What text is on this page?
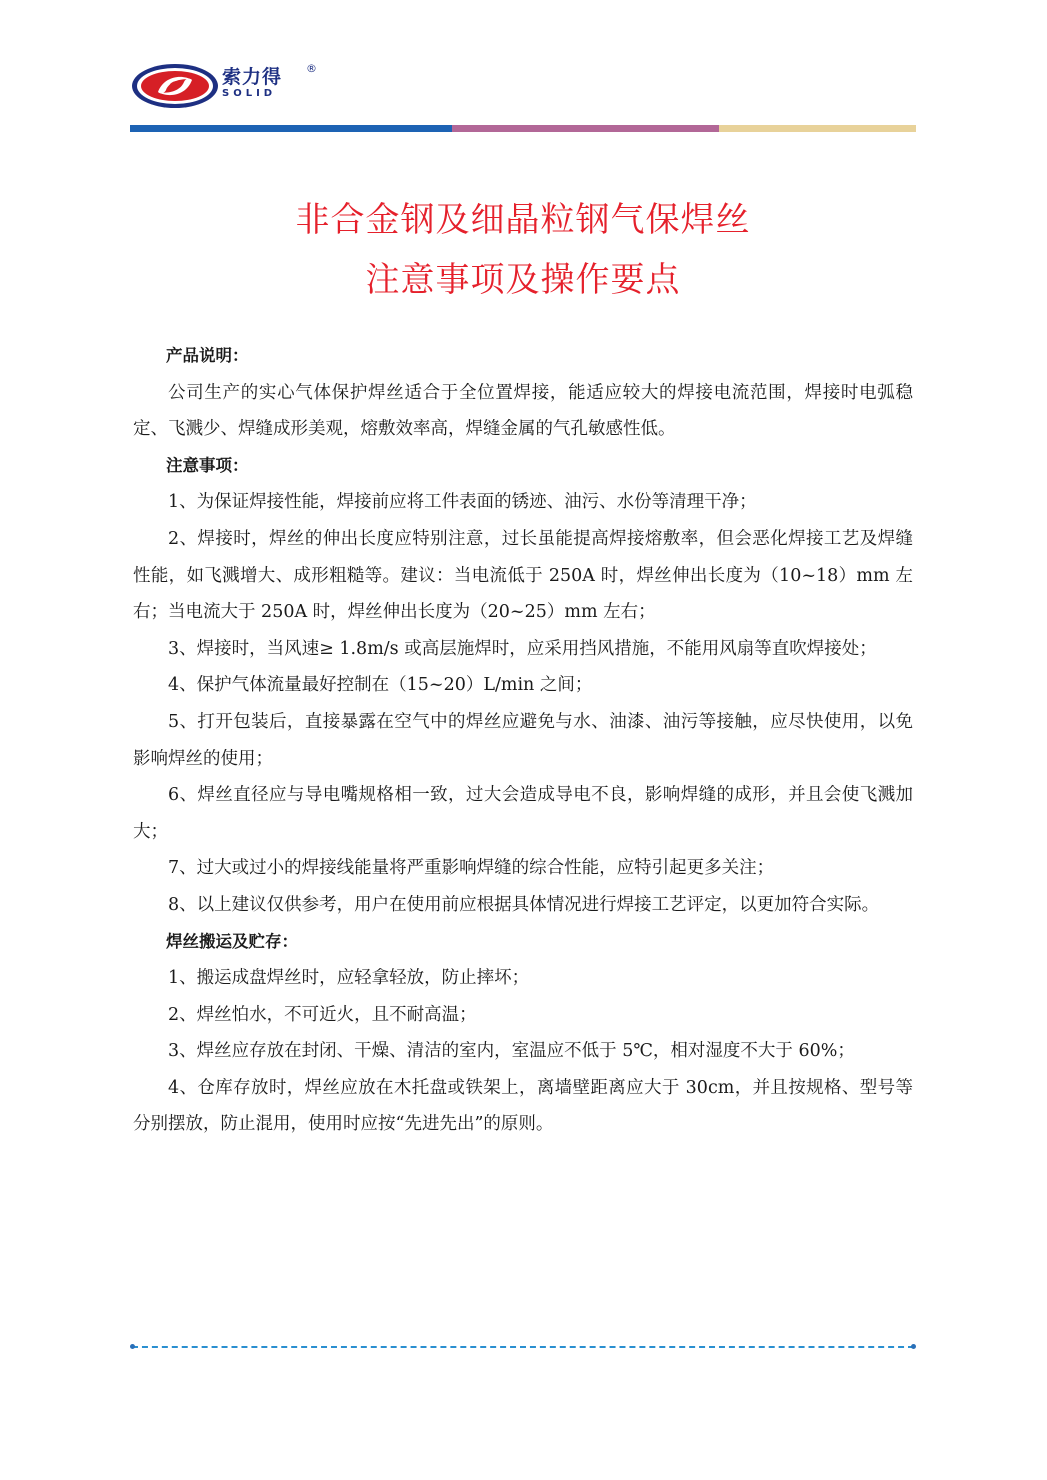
索力得
SOLID
®
非合金钢及细晶粒钢气保焊丝
注意事项及操作要点

产品说明：

公司生产的实心气体保护焊丝适合于全位置焊接，能适应较大的焊接电流范围，焊接时电弧稳定、飞溅少、焊缝成形美观，熔敷效率高，焊缝金属的气孔敏感性低。

注意事项：

1、为保证焊接性能，焊接前应将工件表面的锈迹、油污、水份等清理干净；

2、焊接时，焊丝的伸出长度应特别注意，过长虽能提高焊接熔敷率，但会恶化焊接工艺及焊缝性能，如飞溅增大、成形粗糙等。建议：当电流低于 250A 时，焊丝伸出长度为（10~18）mm 左右；当电流大于 250A 时，焊丝伸出长度为（20~25）mm 左右；

3、焊接时，当风速≥ 1.8m/s 或高层施焊时，应采用挡风措施，不能用风扇等直吹焊接处；

4、保护气体流量最好控制在（15~20）L/min 之间；

5、打开包装后，直接暴露在空气中的焊丝应避免与水、油漆、油污等接触，应尽快使用，以免影响焊丝的使用；

6、焊丝直径应与导电嘴规格相一致，过大会造成导电不良，影响焊缝的成形，并且会使飞溅加大；

7、过大或过小的焊接线能量将严重影响焊缝的综合性能，应特引起更多关注；

8、以上建议仅供参考，用户在使用前应根据具体情况进行焊接工艺评定，以更加符合实际。

焊丝搬运及贮存：

1、搬运成盘焊丝时，应轻拿轻放，防止摔坏；

2、焊丝怕水，不可近火，且不耐高温；

3、焊丝应存放在封闭、干燥、清洁的室内，室温应不低于 5℃，相对湿度不大于 60%；

4、仓库存放时，焊丝应放在木托盘或铁架上，离墙壁距离应大于 30cm，并且按规格、型号等分别摆放，防止混用，使用时应按“先进先出”的原则。
